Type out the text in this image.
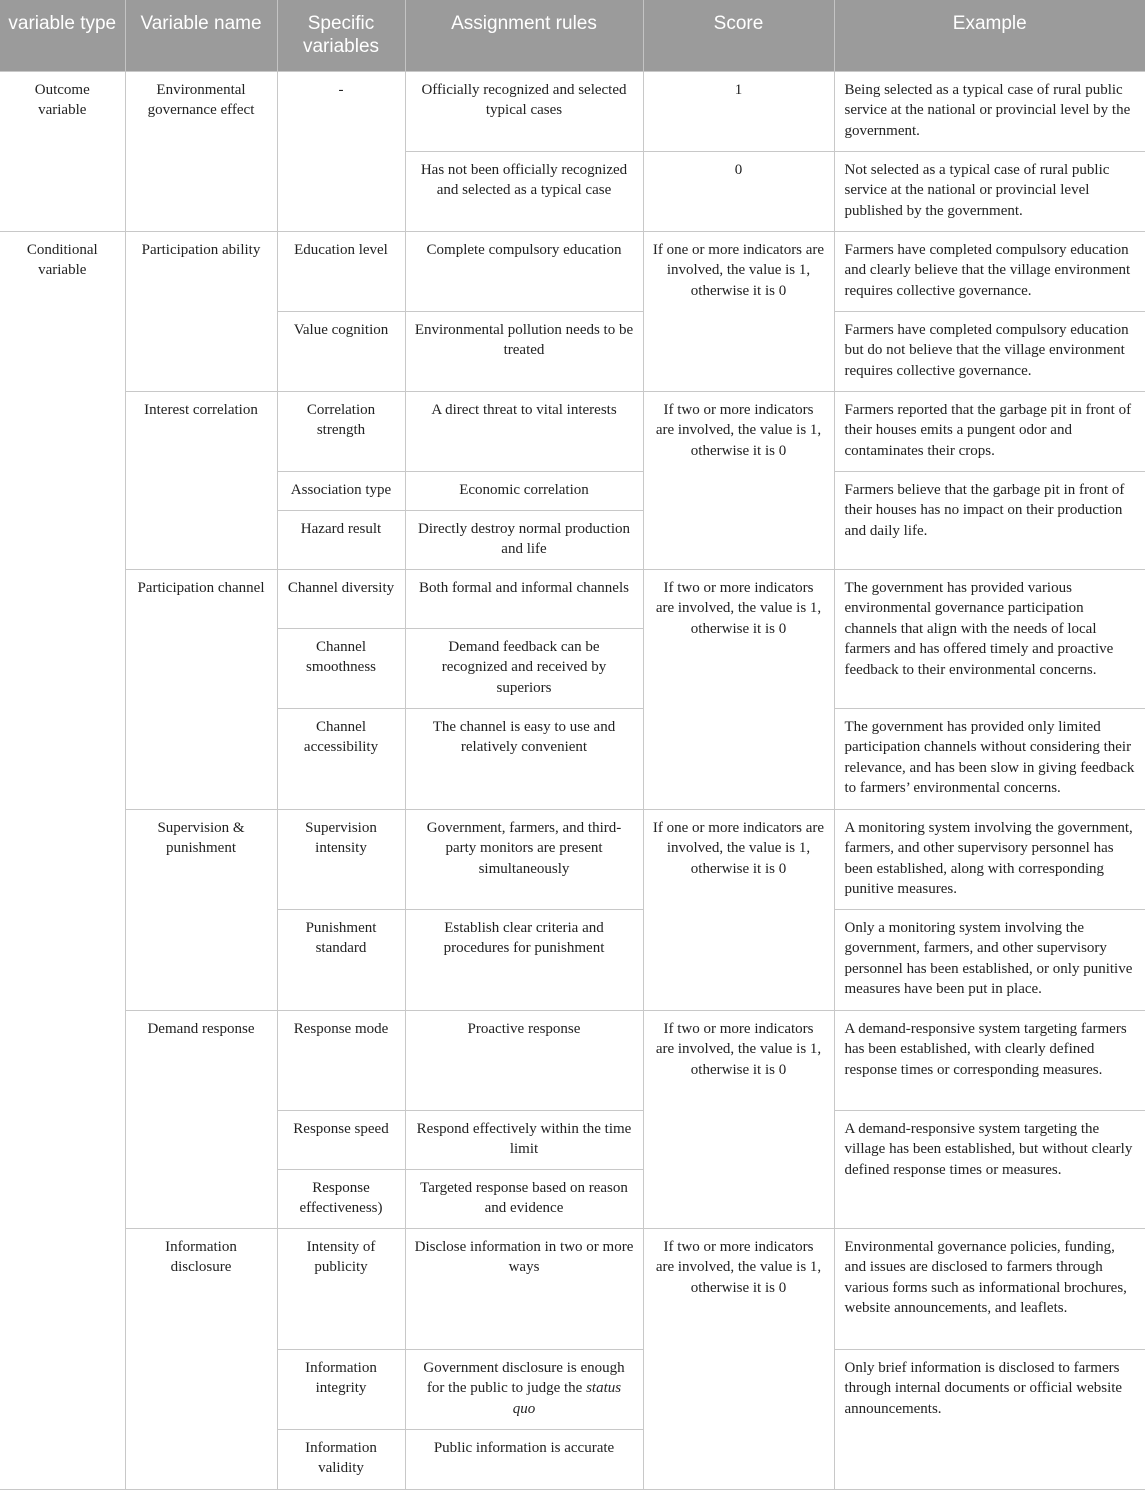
variable type	Variable name	Specific variables	Assignment rules	Score	Example
Outcome variable	Environmental governance effect	-	Officially recognized and selected typical cases	1	Being selected as a typical case of rural public service at the national or provincial level by the government.
			Has not been officially recognized and selected as a typical case	0	Not selected as a typical case of rural public service at the national or provincial level published by the government.
Conditional variable	Participation ability	Education level	Complete compulsory education	If one or more indicators are involved, the value is 1, otherwise it is 0	Farmers have completed compulsory education and clearly believe that the village environment requires collective governance.
		Value cognition	Environmental pollution needs to be treated		Farmers have completed compulsory education but do not believe that the village environment requires collective governance.
	Interest correlation	Correlation strength	A direct threat to vital interests	If two or more indicators are involved, the value is 1, otherwise it is 0	Farmers reported that the garbage pit in front of their houses emits a pungent odor and contaminates their crops.
		Association type	Economic correlation		Farmers believe that the garbage pit in front of their houses has no impact on their production and daily life.
		Hazard result	Directly destroy normal production and life		
	Participation channel	Channel diversity	Both formal and informal channels	If two or more indicators are involved, the value is 1, otherwise it is 0	The government has provided various environmental governance participation channels that align with the needs of local farmers and has offered timely and proactive feedback to their environmental concerns.
		Channel smoothness	Demand feedback can be recognized and received by superiors		
		Channel accessibility	The channel is easy to use and relatively convenient		The government has provided only limited participation channels without considering their relevance, and has been slow in giving feedback to farmers’ environmental concerns.
	Supervision & punishment	Supervision intensity	Government, farmers, and third-party monitors are present simultaneously	If one or more indicators are involved, the value is 1, otherwise it is 0	A monitoring system involving the government, farmers, and other supervisory personnel has been established, along with corresponding punitive measures.
		Punishment standard	Establish clear criteria and procedures for punishment		Only a monitoring system involving the government, farmers, and other supervisory personnel has been established, or only punitive measures have been put in place.
	Demand response	Response mode	Proactive response	If two or more indicators are involved, the value is 1, otherwise it is 0	A demand-responsive system targeting farmers has been established, with clearly defined response times or corresponding measures.
		Response speed	Respond effectively within the time limit		A demand-responsive system targeting the village has been established, but without clearly defined response times or measures.
		Response effectiveness)	Targeted response based on reason and evidence		
	Information disclosure	Intensity of publicity	Disclose information in two or more ways	If two or more indicators are involved, the value is 1, otherwise it is 0	Environmental governance policies, funding, and issues are disclosed to farmers through various forms such as informational brochures, website announcements, and leaflets.
		Information integrity	Government disclosure is enough for the public to judge the status quo		Only brief information is disclosed to farmers through internal documents or official website announcements.
		Information validity	Public information is accurate		
